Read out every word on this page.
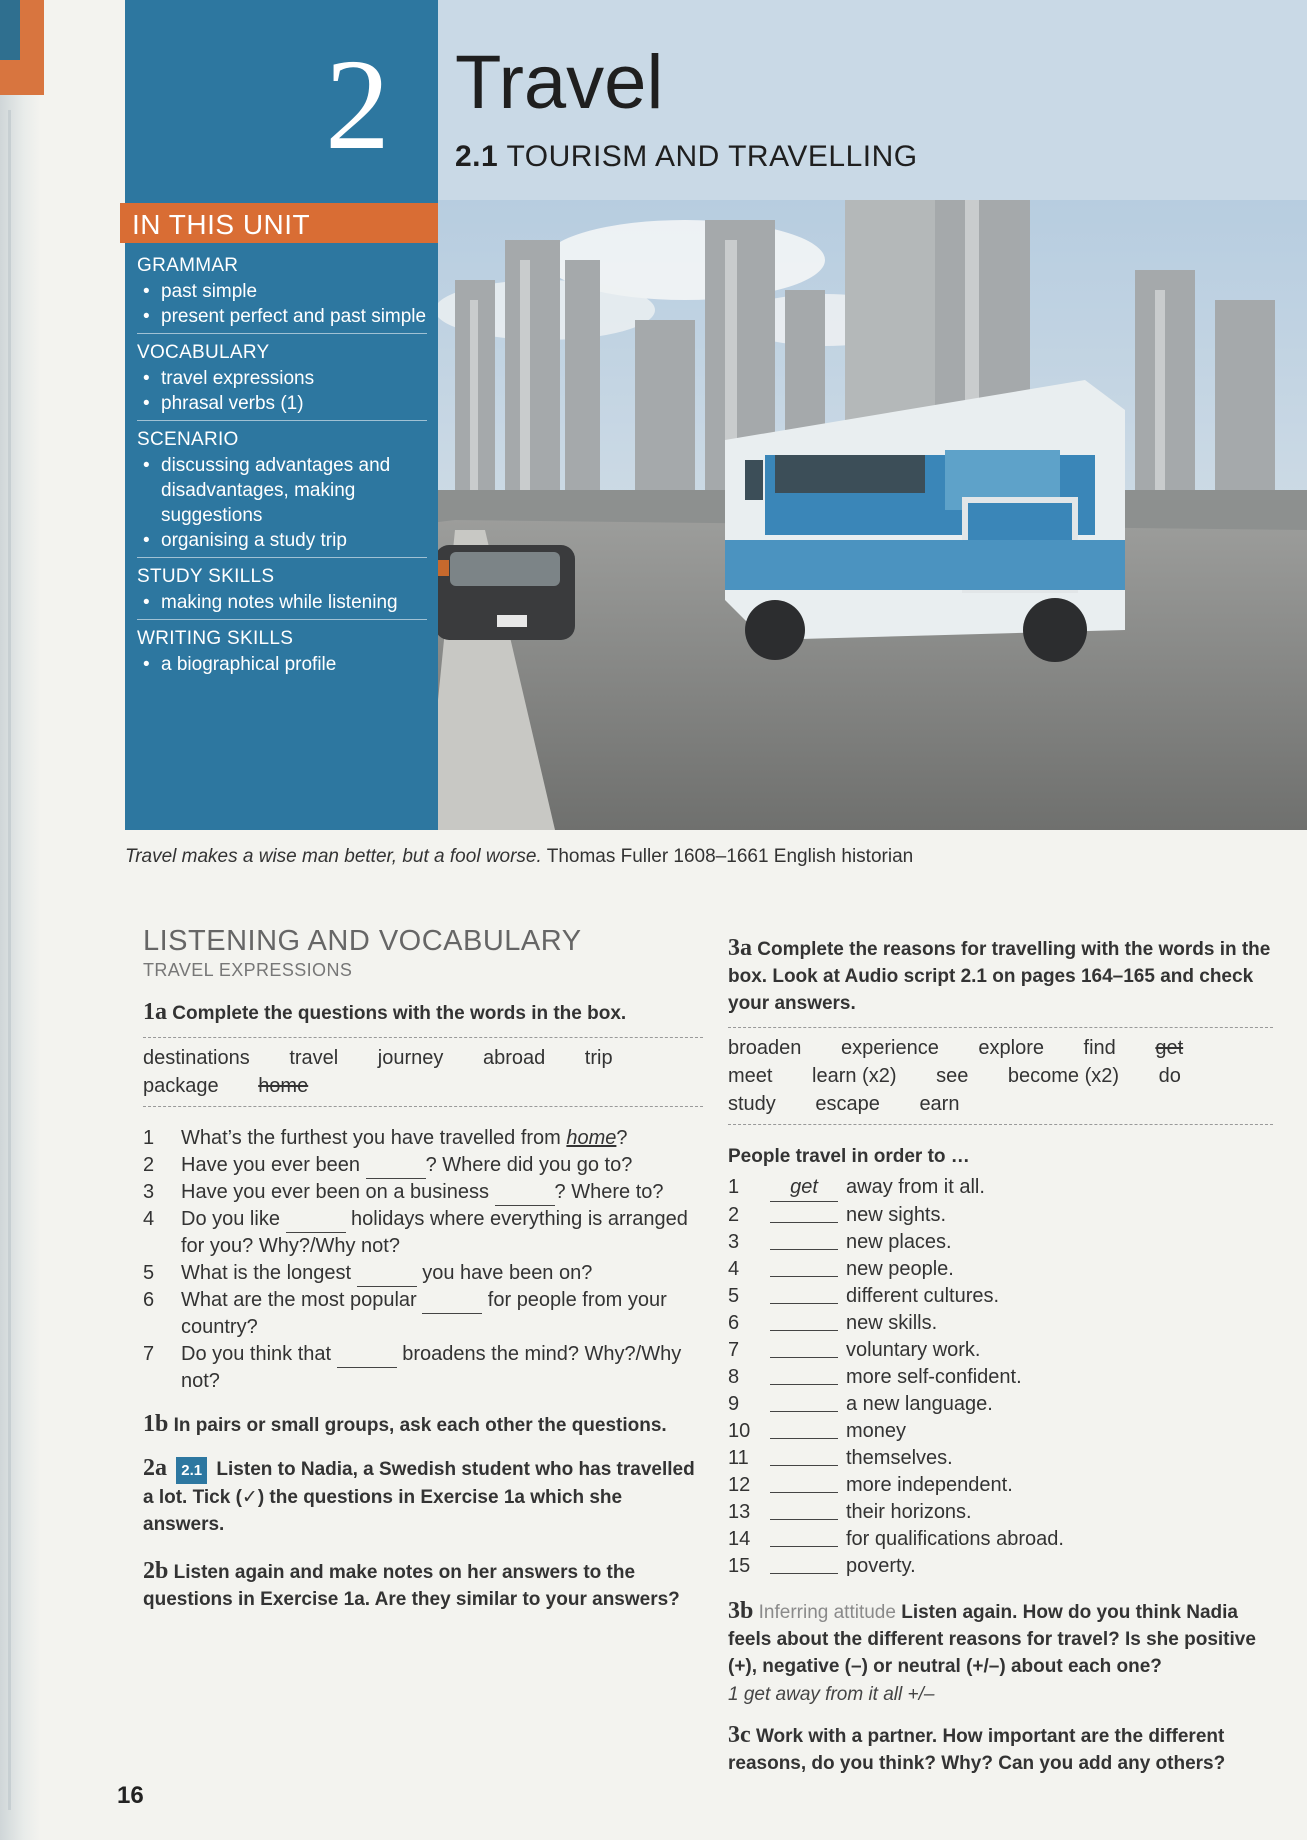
2 Travel
2.1 TOURISM AND TRAVELLING
IN THIS UNIT
GRAMMAR
• past simple
• present perfect and past simple
VOCABULARY
• travel expressions
• phrasal verbs (1)
SCENARIO
• discussing advantages and disadvantages, making suggestions
• organising a study trip
STUDY SKILLS
• making notes while listening
WRITING SKILLS
• a biographical profile
Travel makes a wise man better, but a fool worse. Thomas Fuller 1608–1661 English historian
LISTENING AND VOCABULARY
TRAVEL EXPRESSIONS
1a Complete the questions with the words in the box.
destinations travel journey abroad trip
package home
1	What’s the furthest you have travelled from home?
2	Have you ever been	? Where did you go to?
3	Have you ever been on a business	? Where to?
4	Do you like	holidays where everything is arranged for you? Why?/Why not?
5	What is the longest	you have been on?
6	What are the most popular	for people from your country?
7	Do you think that	broadens the mind? Why?/Why not?
1b In pairs or small groups, ask each other the questions.
2a 2.1 Listen to Nadia, a Swedish student who has travelled a lot. Tick (✓) the questions in Exercise 1a which she answers.
2b Listen again and make notes on her answers to the questions in Exercise 1a. Are they similar to your answers?
3a Complete the reasons for travelling with the words in the box. Look at Audio script 2.1 on pages 164–165 and check your answers.
broaden experience explore find get
meet learn (x2) see become (x2) do
study escape earn
People travel in order to …
1	get	away from it all.
2	new sights.
3	new places.
4	new people.
5	different cultures.
6	new skills.
7	voluntary work.
8	more self-confident.
9	a new language.
10	money
11	themselves.
12	more independent.
13	their horizons.
14	for qualifications abroad.
15	poverty.
3b Inferring attitude Listen again. How do you think Nadia feels about the different reasons for travel? Is she positive (+), negative (–) or neutral (+/–) about each one?
1 get away from it all +/–
3c Work with a partner. How important are the different reasons, do you think? Why? Can you add any others?
16
